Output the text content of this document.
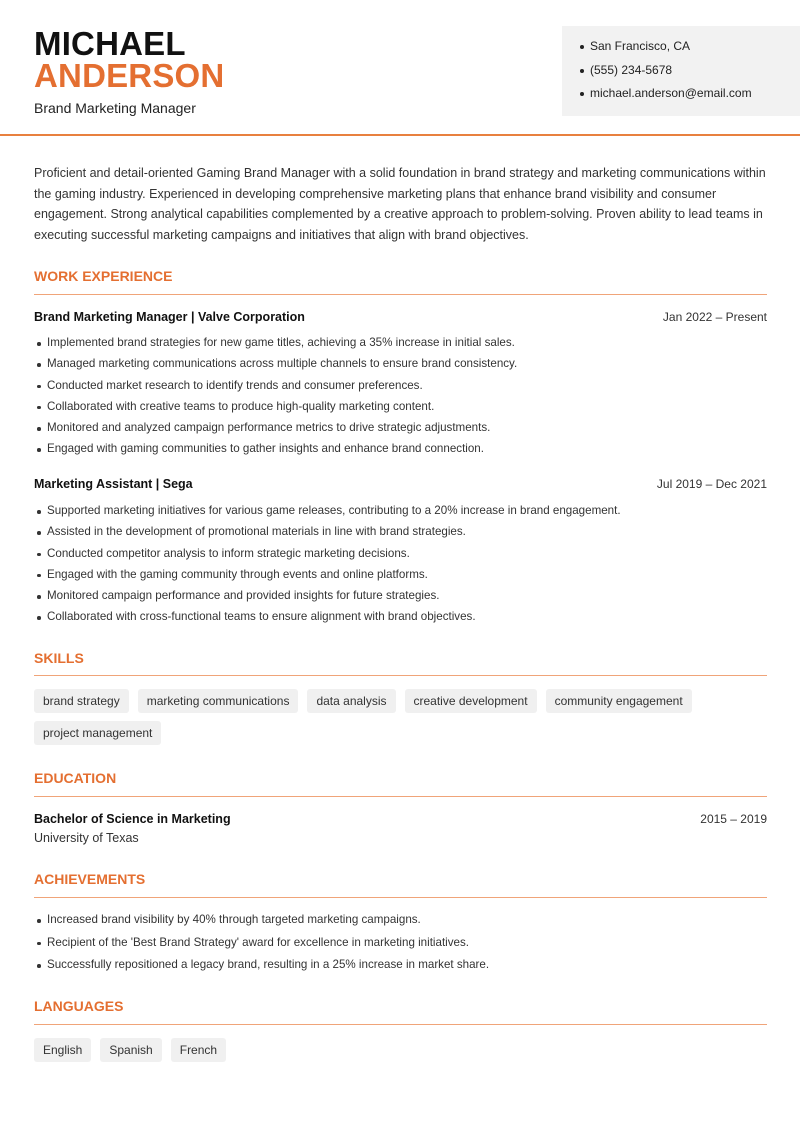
MICHAEL
ANDERSON
Brand Marketing Manager
San Francisco, CA
(555) 234-5678
michael.anderson@email.com
Proficient and detail-oriented Gaming Brand Manager with a solid foundation in brand strategy and marketing communications within the gaming industry. Experienced in developing comprehensive marketing plans that enhance brand visibility and consumer engagement. Strong analytical capabilities complemented by a creative approach to problem-solving. Proven ability to lead teams in executing successful marketing campaigns and initiatives that align with brand objectives.
WORK EXPERIENCE
Brand Marketing Manager | Valve Corporation	Jan 2022 – Present
Implemented brand strategies for new game titles, achieving a 35% increase in initial sales.
Managed marketing communications across multiple channels to ensure brand consistency.
Conducted market research to identify trends and consumer preferences.
Collaborated with creative teams to produce high-quality marketing content.
Monitored and analyzed campaign performance metrics to drive strategic adjustments.
Engaged with gaming communities to gather insights and enhance brand connection.
Marketing Assistant | Sega	Jul 2019 – Dec 2021
Supported marketing initiatives for various game releases, contributing to a 20% increase in brand engagement.
Assisted in the development of promotional materials in line with brand strategies.
Conducted competitor analysis to inform strategic marketing decisions.
Engaged with the gaming community through events and online platforms.
Monitored campaign performance and provided insights for future strategies.
Collaborated with cross-functional teams to ensure alignment with brand objectives.
SKILLS
brand strategy	marketing communications	data analysis	creative development	community engagement
project management
EDUCATION
Bachelor of Science in Marketing	2015 – 2019
University of Texas
ACHIEVEMENTS
Increased brand visibility by 40% through targeted marketing campaigns.
Recipient of the 'Best Brand Strategy' award for excellence in marketing initiatives.
Successfully repositioned a legacy brand, resulting in a 25% increase in market share.
LANGUAGES
English	Spanish	French
